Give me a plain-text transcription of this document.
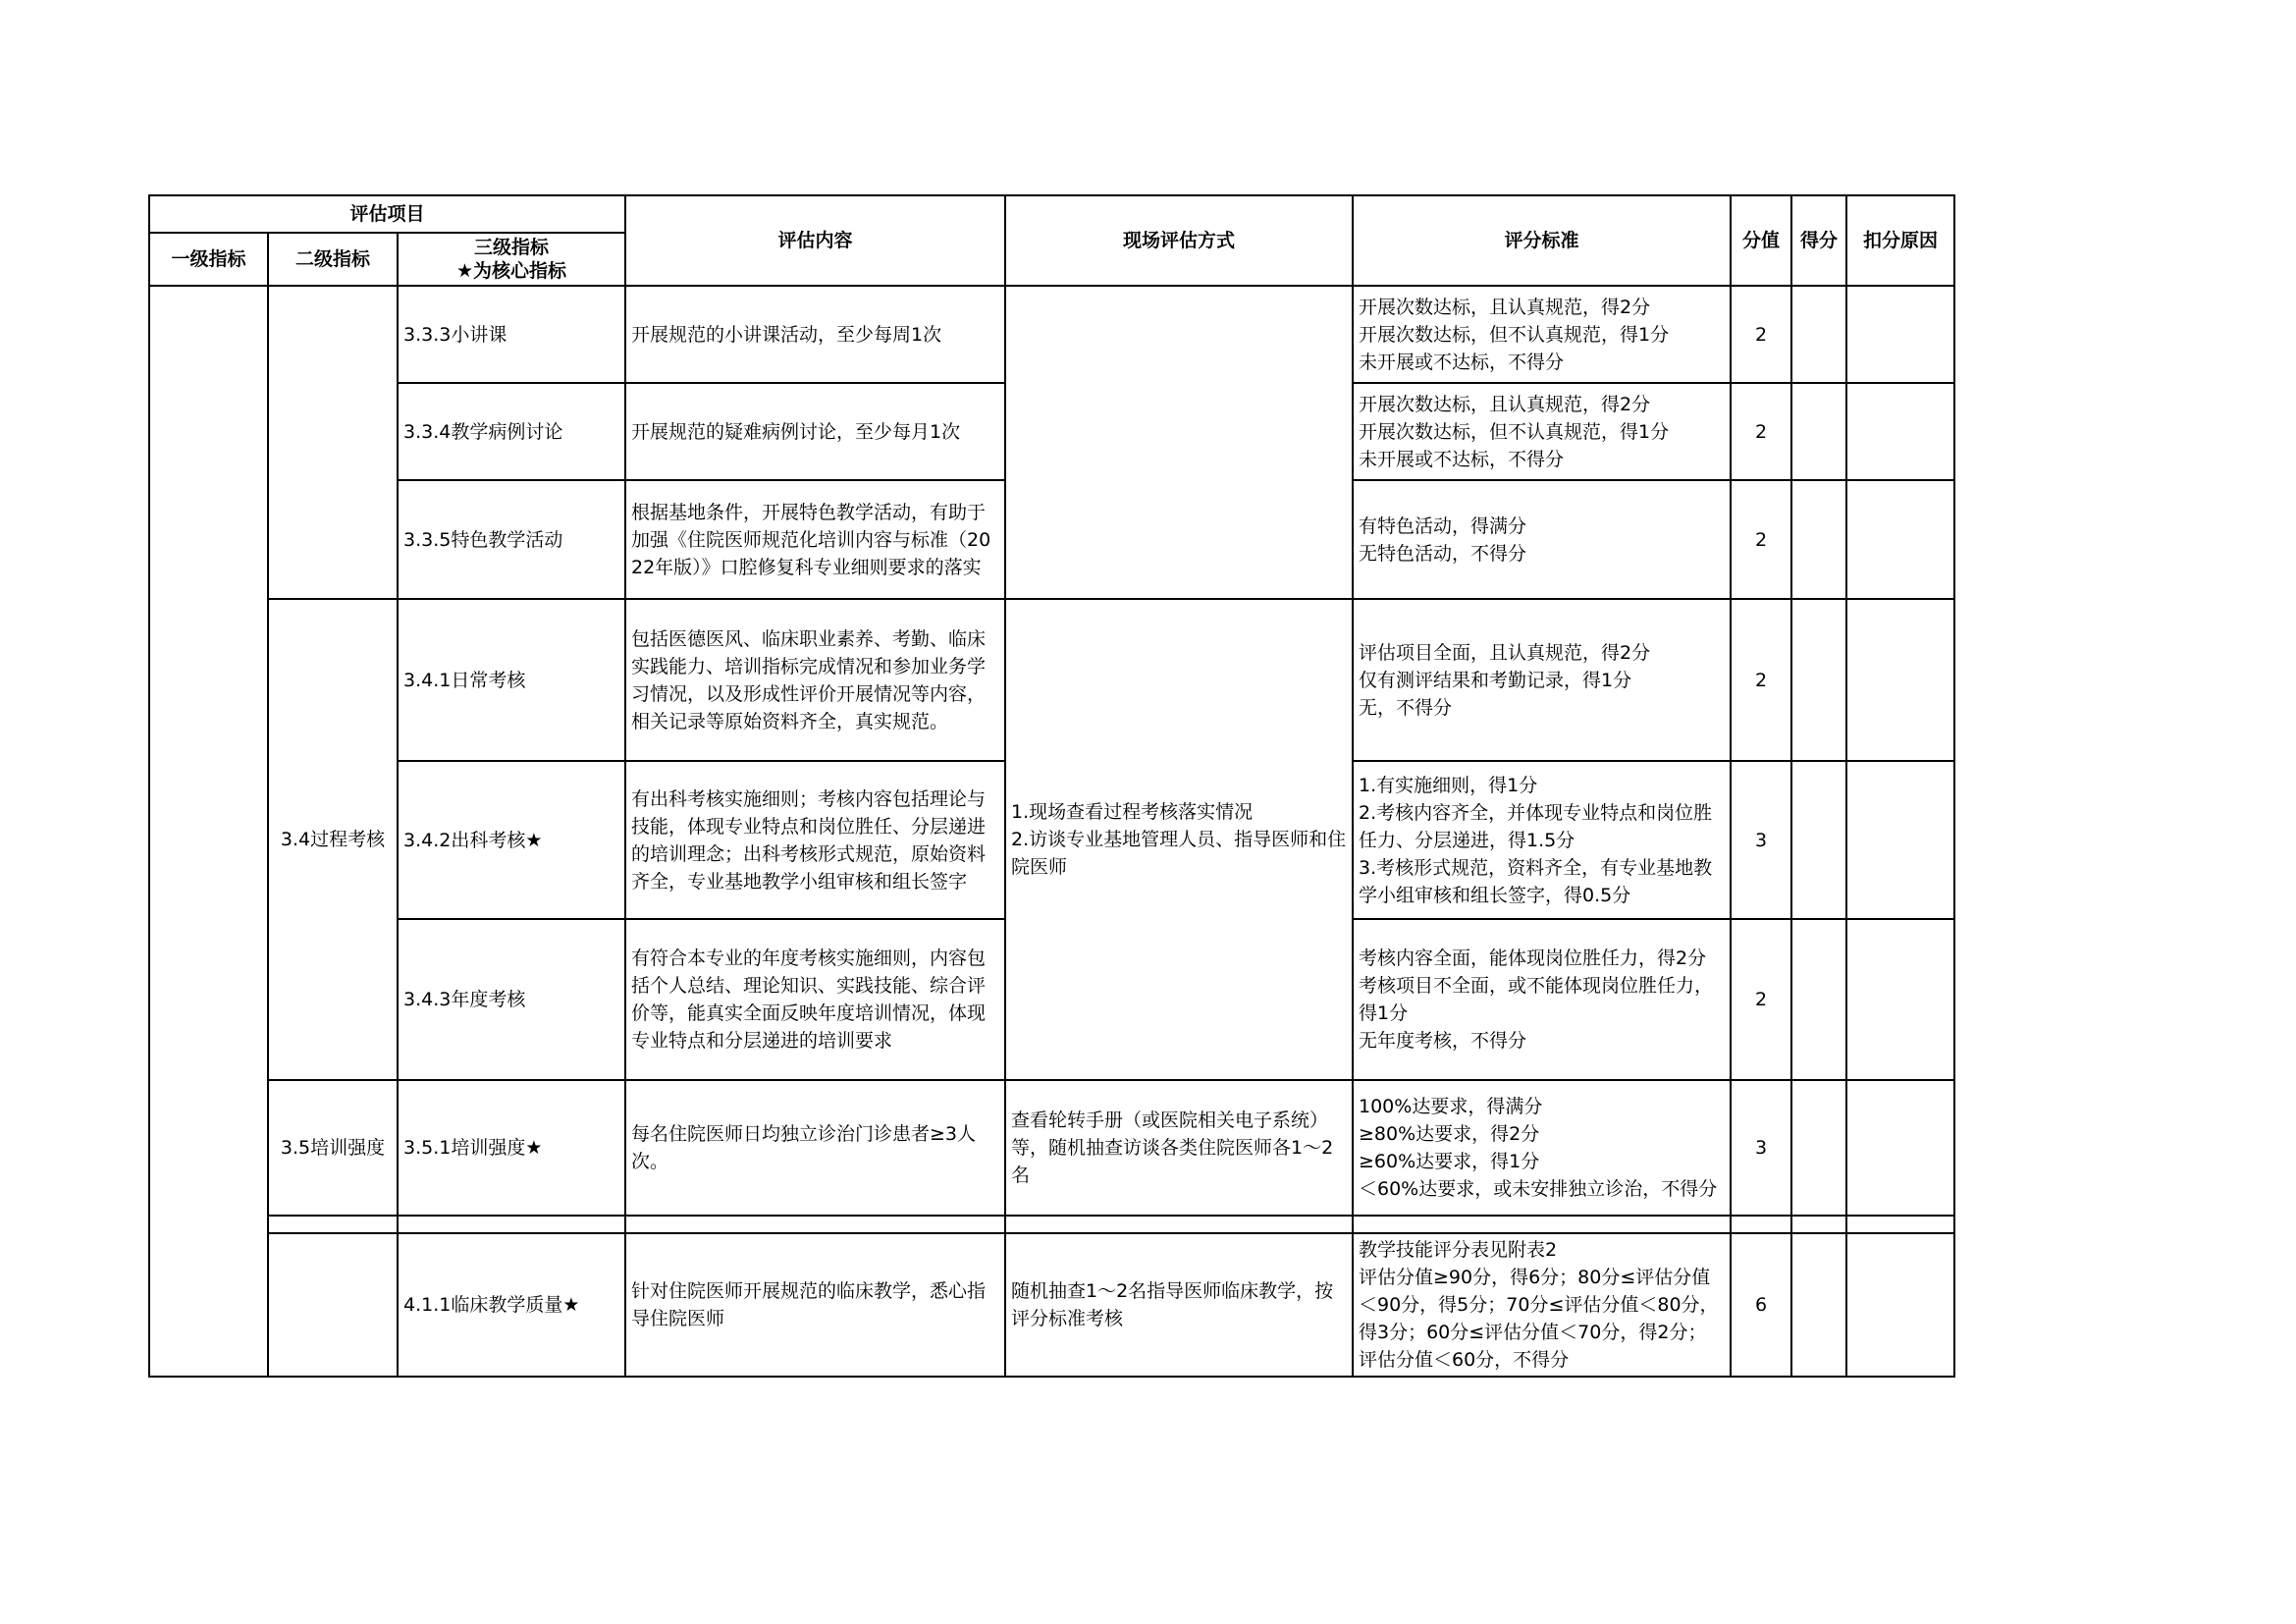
评估项目			评估内容	现场评估方式	评分标准	分值	得分	扣分原因
一级指标	二级指标	三级指标
★为核心指标						

		3.3.3小讲课	开展规范的小讲课活动，至少每周1次		开展次数达标，且认真规范，得2分
开展次数达标，但不认真规范，得1分
未开展或不达标，不得分	2		
		3.3.4教学病例讨论	开展规范的疑难病例讨论，至少每月1次		开展次数达标，且认真规范，得2分
开展次数达标，但不认真规范，得1分
未开展或不达标，不得分	2		
		3.3.5特色教学活动	根据基地条件，开展特色教学活动，有助于加强《住院医师规范化培训内容与标准（2022年版）》口腔修复科专业细则要求的落实		有特色活动，得满分
无特色活动，不得分	2		
	3.4过程考核	3.4.1日常考核	包括医德医风、临床职业素养、考勤、临床实践能力、培训指标完成情况和参加业务学习情况，以及形成性评价开展情况等内容，相关记录等原始资料齐全，真实规范。	1.现场查看过程考核落实情况
2.访谈专业基地管理人员、指导医师和住院医师	评估项目全面，且认真规范，得2分
仅有测评结果和考勤记录，得1分
无，不得分	2		
		3.4.2出科考核★	有出科考核实施细则；考核内容包括理论与技能，体现专业特点和岗位胜任、分层递进的培训理念；出科考核形式规范，原始资料齐全，专业基地教学小组审核和组长签字		1.有实施细则，得1分
2.考核内容齐全，并体现专业特点和岗位胜任力、分层递进，得1.5分
3.考核形式规范，资料齐全，有专业基地教学小组审核和组长签字，得0.5分	3		
		3.4.3年度考核	有符合本专业的年度考核实施细则，内容包括个人总结、理论知识、实践技能、综合评价等，能真实全面反映年度培训情况，体现专业特点和分层递进的培训要求		考核内容全面，能体现岗位胜任力，得2分
考核项目不全面，或不能体现岗位胜任力，得1分
无年度考核，不得分	2		
	3.5培训强度	3.5.1培训强度★	每名住院医师日均独立诊治门诊患者≥3人次。	查看轮转手册（或医院相关电子系统）等，随机抽查访谈各类住院医师各1～2名	100%达要求，得满分
≥80%达要求，得2分
≥60%达要求，得1分
＜60%达要求，或未安排独立诊治，不得分	3		

		4.1.1临床教学质量★	针对住院医师开展规范的临床教学，悉心指导住院医师	随机抽查1～2名指导医师临床教学，按评分标准考核	教学技能评分表见附表2
评估分值≥90分，得6分；80分≤评估分值＜90分，得5分；70分≤评估分值＜80分，得3分；60分≤评估分值＜70分，得2分；评估分值＜60分，不得分	6		
